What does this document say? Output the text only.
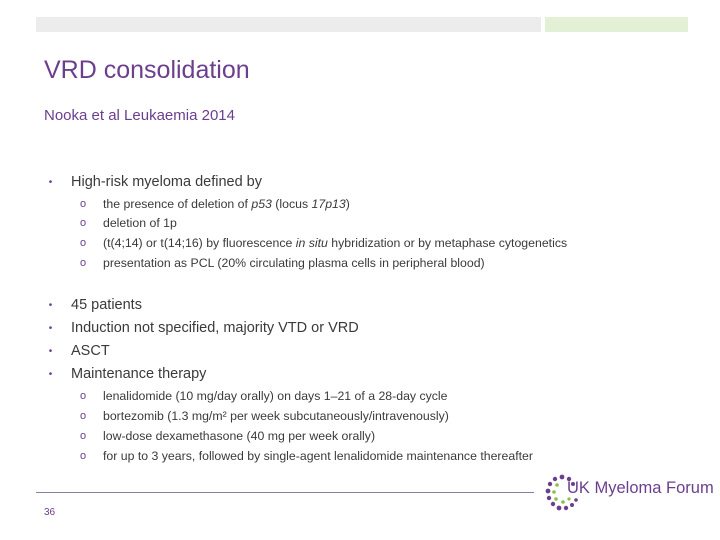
VRD consolidation
Nooka et al Leukaemia 2014
•	High-risk myeloma defined by
o	the presence of deletion of p53 (locus 17p13)
o	deletion of 1p
o	(t(4;14) or t(14;16) by fluorescence in situ hybridization or by metaphase cytogenetics
o	presentation as PCL (20% circulating plasma cells in peripheral blood)
•	45 patients
•	Induction not specified, majority VTD or VRD
•	ASCT
•	Maintenance therapy
o	lenalidomide (10 mg/day orally) on days 1–21 of a 28-day cycle
o	bortezomib (1.3 mg/m² per week subcutaneously/intravenously)
o	low-dose dexamethasone (40 mg per week orally)
o	for up to 3 years, followed by single-agent lenalidomide maintenance thereafter
36
UK Myeloma Forum
